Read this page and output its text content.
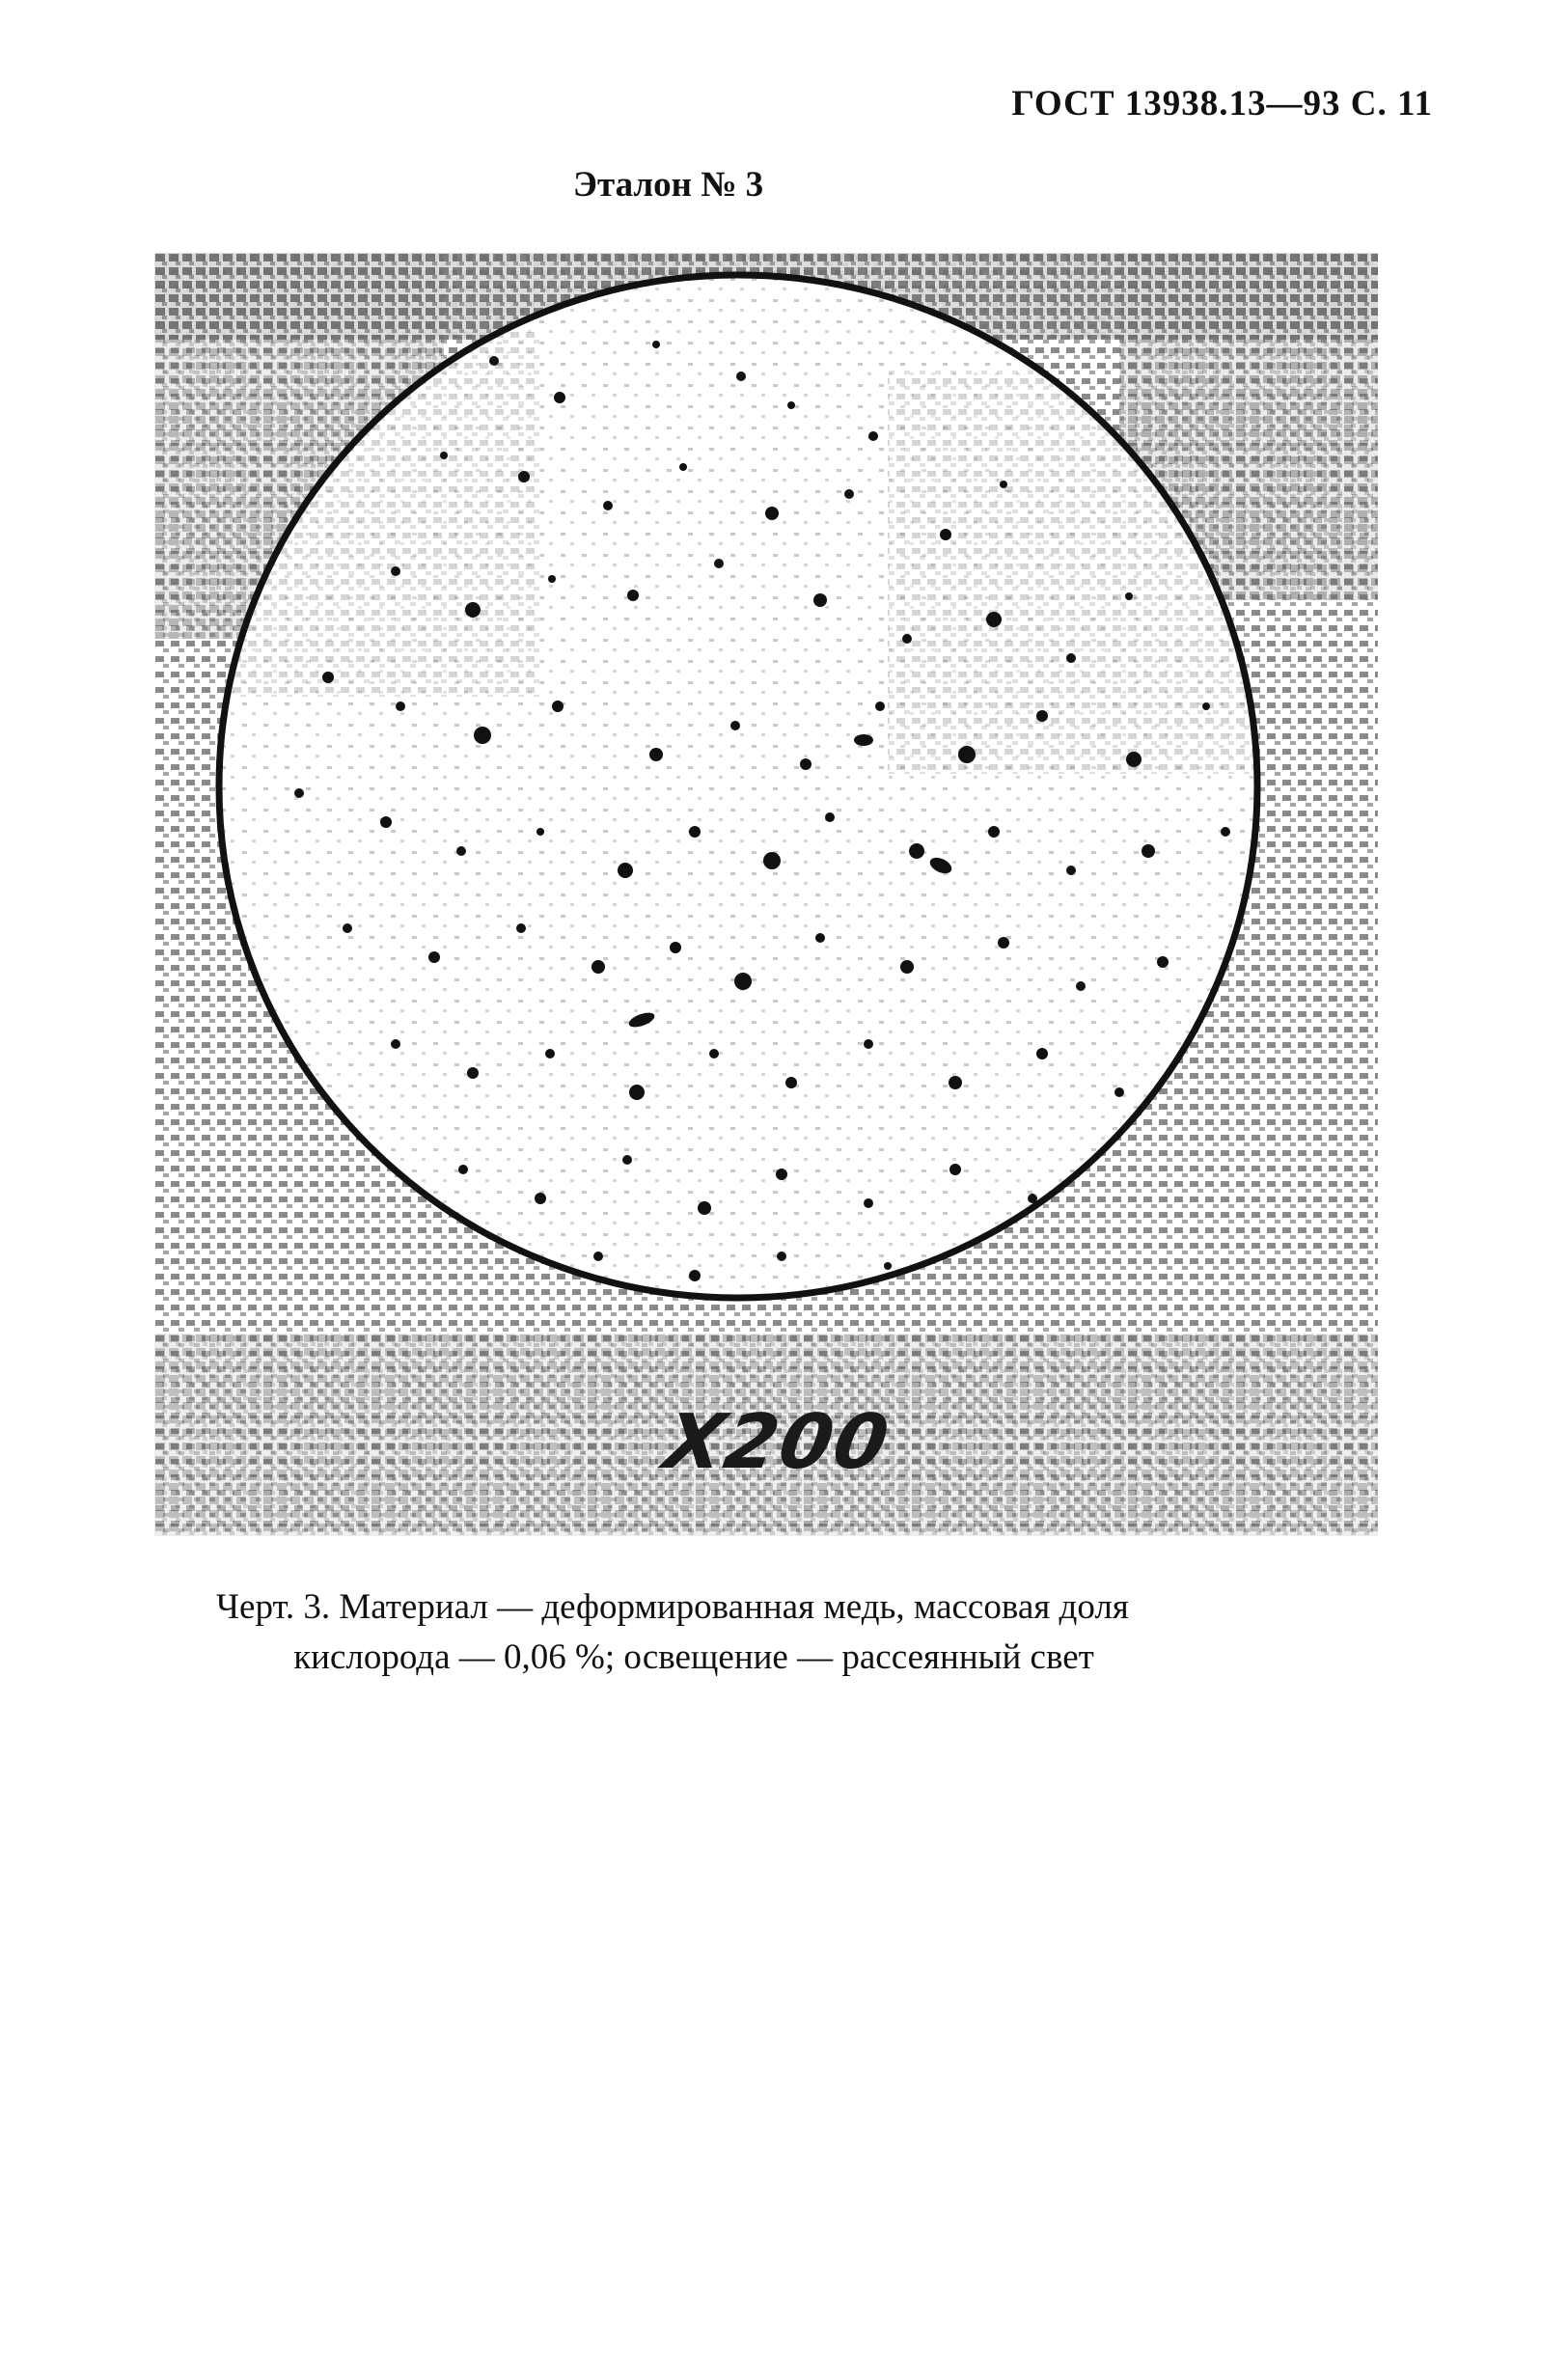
ГОСТ 13938.13—93 С. 11
Эталон № 3
Х200
Черт. 3. Материал — деформированная медь, массовая доля
кислорода — 0,06 %; освещение — рассеянный свет
